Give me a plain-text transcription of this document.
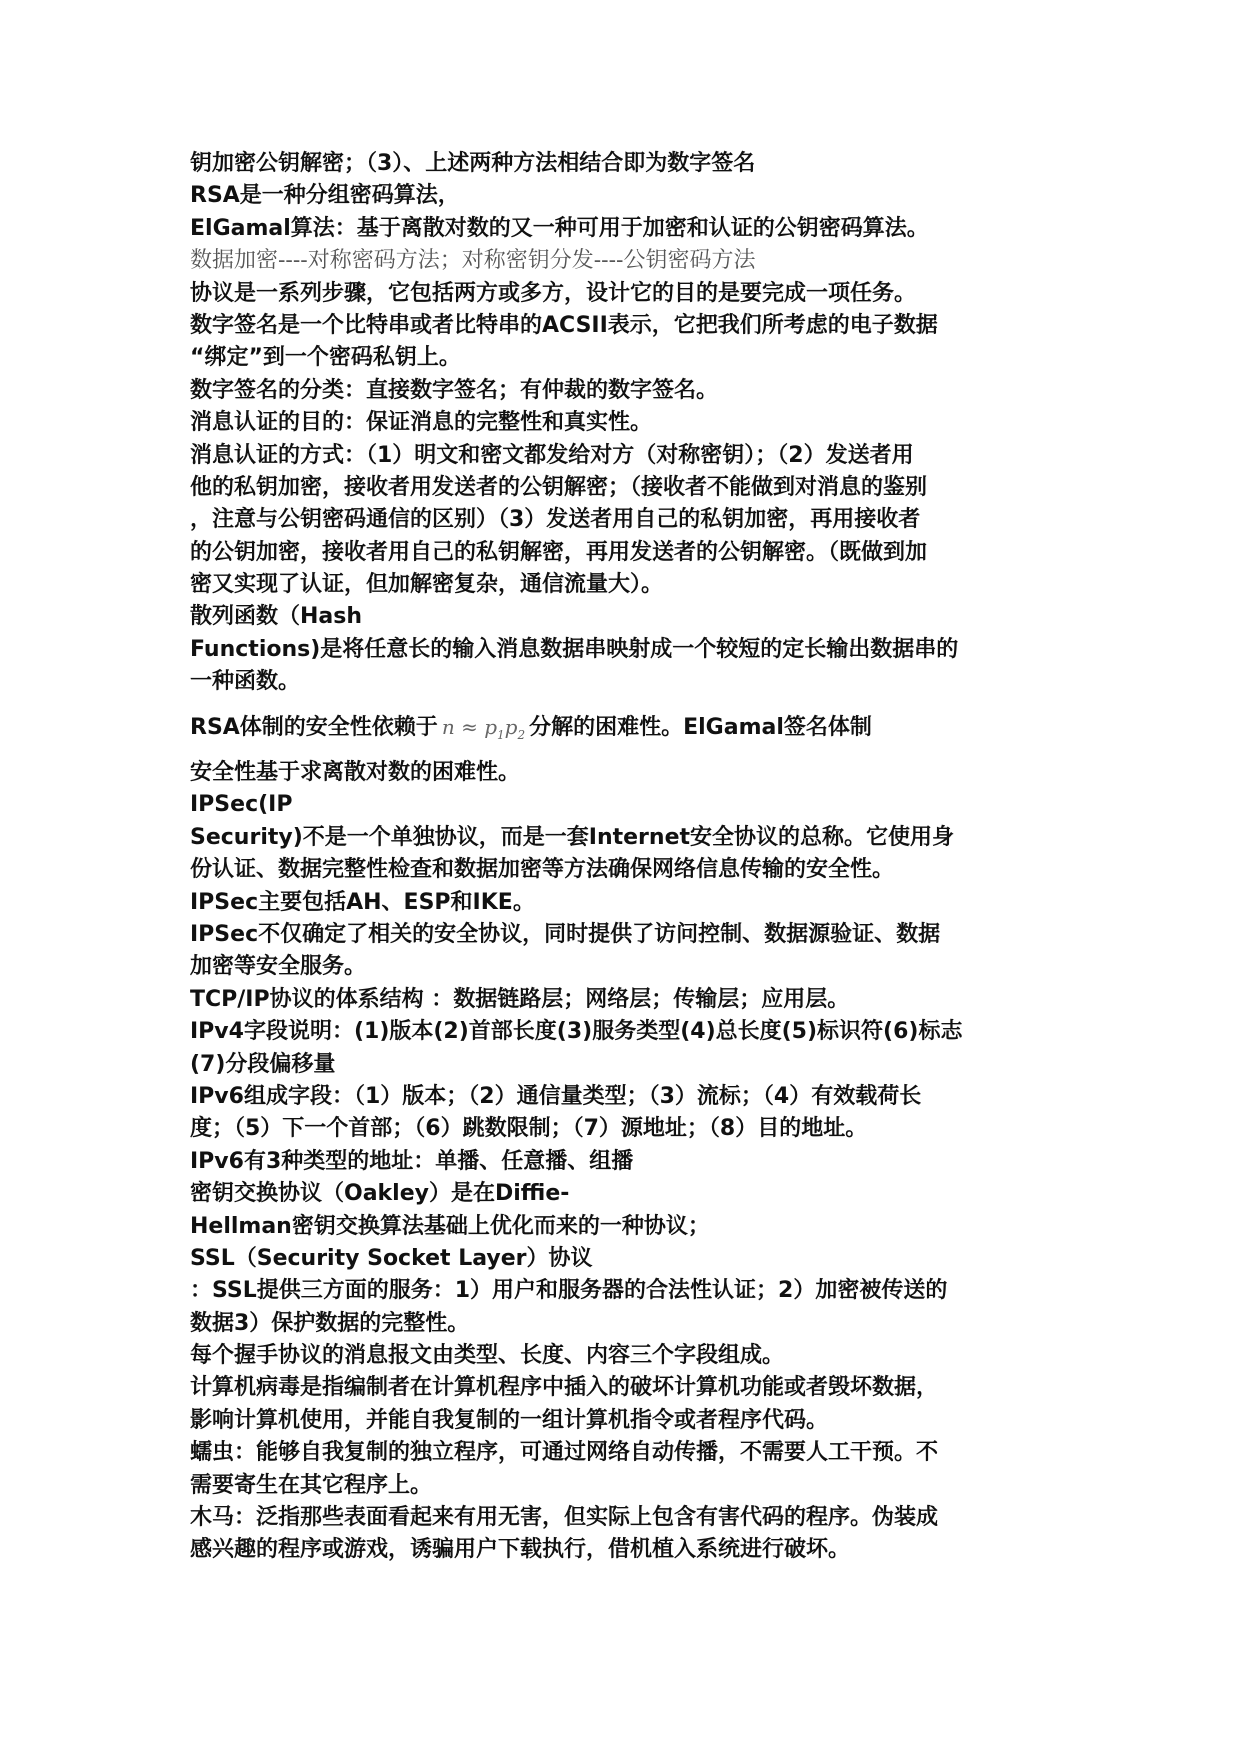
钥加密公钥解密；（3）、上述两种方法相结合即为数字签名
RSA是一种分组密码算法，
ElGamal算法：基于离散对数的又一种可用于加密和认证的公钥密码算法。
数据加密----对称密码方法；对称密钥分发----公钥密码方法
协议是一系列步骤，它包括两方或多方，设计它的目的是要完成一项任务。
数字签名是一个比特串或者比特串的ACSII表示，它把我们所考虑的电子数据
“绑定”到一个密码私钥上。
数字签名的分类：直接数字签名；有仲裁的数字签名。
消息认证的目的：保证消息的完整性和真实性。
消息认证的方式：（1）明文和密文都发给对方（对称密钥）；（2）发送者用
他的私钥加密，接收者用发送者的公钥解密；（接收者不能做到对消息的鉴别
，注意与公钥密码通信的区别）（3）发送者用自己的私钥加密，再用接收者
的公钥加密，接收者用自己的私钥解密，再用发送者的公钥解密。（既做到加
密又实现了认证，但加解密复杂，通信流量大）。
散列函数（Hash
Functions)是将任意长的输入消息数据串映射成一个较短的定长输出数据串的
一种函数。
RSA体制的安全性依赖于 $n \approx p_1p_2$ 分解的困难性。ElGamal签名体制
安全性基于求离散对数的困难性。
IPSec(IP
Security)不是一个单独协议，而是一套Internet安全协议的总称。它使用身
份认证、数据完整性检查和数据加密等方法确保网络信息传输的安全性。
IPSec主要包括AH、ESP和IKE。
IPSec不仅确定了相关的安全协议，同时提供了访问控制、数据源验证、数据
加密等安全服务。
TCP/IP协议的体系结构 ：数据链路层；网络层；传输层；应用层。
IPv4字段说明：(1)版本(2)首部长度(3)服务类型(4)总长度(5)标识符(6)标志
(7)分段偏移量
IPv6组成字段：（1）版本；（2）通信量类型；（3）流标；（4）有效载荷长
度；（5）下一个首部；（6）跳数限制；（7）源地址；（8）目的地址。
IPv6有3种类型的地址：单播、任意播、组播
密钥交换协议（Oakley）是在Diffie-
Hellman密钥交换算法基础上优化而来的一种协议；
SSL（Security Socket Layer）协议
：SSL提供三方面的服务：1）用户和服务器的合法性认证；2）加密被传送的
数据3）保护数据的完整性。
每个握手协议的消息报文由类型、长度、内容三个字段组成。
计算机病毒是指编制者在计算机程序中插入的破坏计算机功能或者毁坏数据，
影响计算机使用，并能自我复制的一组计算机指令或者程序代码。
蠕虫：能够自我复制的独立程序，可通过网络自动传播，不需要人工干预。不
需要寄生在其它程序上。
木马：泛指那些表面看起来有用无害，但实际上包含有害代码的程序。伪装成
感兴趣的程序或游戏，诱骗用户下载执行，借机植入系统进行破坏。
